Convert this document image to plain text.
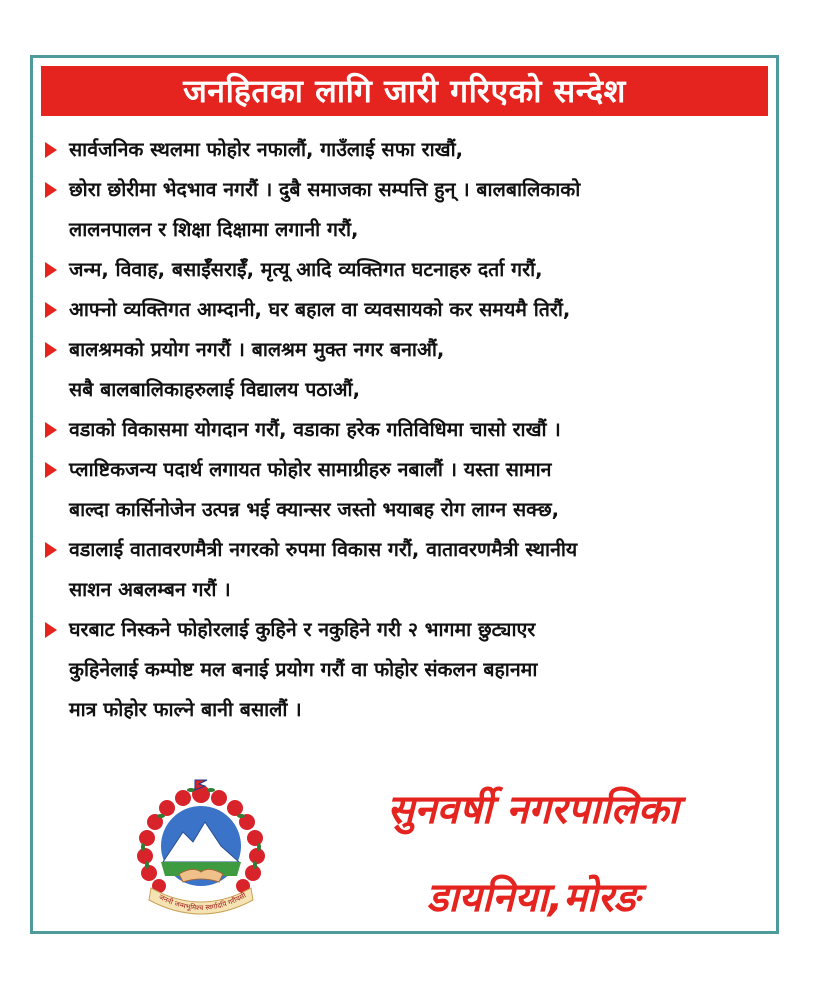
जनहितका लागि जारी गरिएको सन्देश
सार्वजनिक स्थलमा फोहोर नफालौं, गाउँलाई सफा राखौं,
छोरा छोरीमा भेदभाव नगरौं । दुबै समाजका सम्पत्ति हुन् । बालबालिकाको
लालनपालन र शिक्षा दिक्षामा लगानी गरौं,
जन्म, विवाह, बसाईँसराईँ, मृत्यू आदि व्यक्तिगत घटनाहरु दर्ता गरौं,
आफ्नो व्यक्तिगत आम्दानी, घर बहाल वा व्यवसायको कर समयमै तिरौं,
बालश्रमको प्रयोग नगरौं । बालश्रम मुक्त नगर बनाऔं,
सबै बालबालिकाहरुलाई विद्यालय पठाऔं,
वडाको विकासमा योगदान गरौं, वडाका हरेक गतिविधिमा चासो राखौं ।
प्लाष्टिकजन्य पदार्थ लगायत फोहोर सामाग्रीहरु नबालौं । यस्ता सामान
बाल्दा कार्सिनोजेन उत्पन्न भई क्यान्सर जस्तो भयाबह रोग लाग्न सक्छ,
वडालाई वातावरणमैत्री नगरको रुपमा विकास गरौं, वातावरणमैत्री स्थानीय
साशन अबलम्बन गरौं ।
घरबाट निस्कने फोहोरलाई कुहिने र नकुहिने गरी २ भागमा छुट्याएर
कुहिनेलाई कम्पोष्ट मल बनाई प्रयोग गरौं वा फोहोर संकलन बहानमा
मात्र फोहोर फाल्ने बानी बसालौं ।
जननी जन्मभूमिश्च स्वर्गादपि गरीयसी
सुनवर्षी नगरपालिका
डायनिया,मोरङ
